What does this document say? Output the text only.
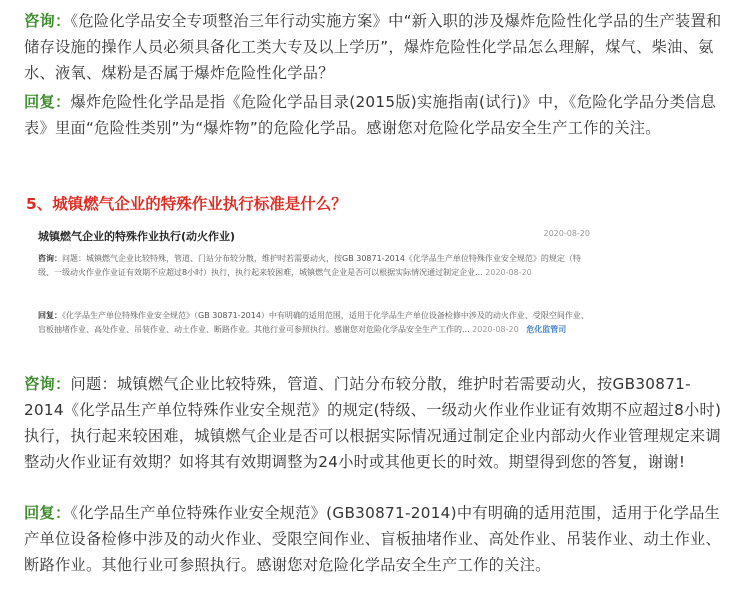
咨询：《危险化学品安全专项整治三年行动实施方案》中“新入职的涉及爆炸危险性化学品的生产装置和储存设施的操作人员必须具备化工类大专及以上学历”，爆炸危险性化学品怎么理解，煤气、柴油、氨水、液氧、煤粉是否属于爆炸危险性化学品？

回复：爆炸危险性化学品是指《危险化学品目录(2015版)实施指南(试行)》中，《危险化学品分类信息表》里面“危险性类别”为“爆炸物”的危险化学品。感谢您对危险化学品安全生产工作的关注。

5、城镇燃气企业的特殊作业执行标准是什么？
城镇燃气企业的特殊作业执行(动火作业)	2020-08-20

咨询：问题：城镇燃气企业比较特殊，管道、门站分布较分散，维护时若需要动火，按GB 30871-2014《化学品生产单位特殊作业安全规范》的规定（特级、一级动火作业作业证有效期不应超过8小时）执行，执行起来较困难，城镇燃气企业是否可以根据实际情况通过制定企业... 2020-08-20

回复：《化学品生产单位特殊作业安全规范》（GB 30871-2014）中有明确的适用范围，适用于化学品生产单位设备检修中涉及的动火作业、受限空间作业、盲板抽堵作业、高处作业、吊装作业、动土作业、断路作业。其他行业可参照执行。感谢您对危险化学品安全生产工作的... 2020-08-20 危化监管司

咨询：问题：城镇燃气企业比较特殊，管道、门站分布较分散，维护时若需要动火，按GB30871-2014《化学品生产单位特殊作业安全规范》的规定(特级、一级动火作业作业证有效期不应超过8小时)执行，执行起来较困难，城镇燃气企业是否可以根据实际情况通过制定企业内部动火作业管理规定来调整动火作业证有效期？如将其有效期调整为24小时或其他更长的时效。期望得到您的答复，谢谢!

回复：《化学品生产单位特殊作业安全规范》(GB30871-2014)中有明确的适用范围，适用于化学品生产单位设备检修中涉及的动火作业、受限空间作业、盲板抽堵作业、高处作业、吊装作业、动土作业、断路作业。其他行业可参照执行。感谢您对危险化学品安全生产工作的关注。
